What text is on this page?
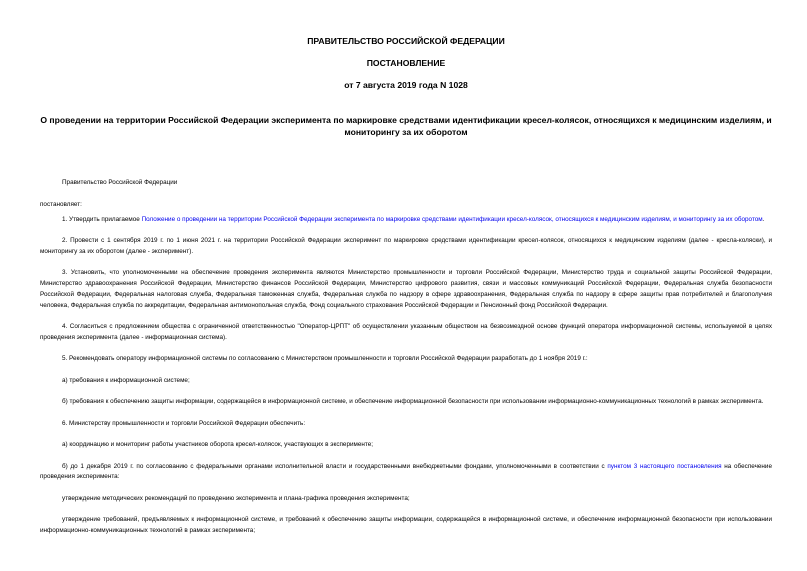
ПРАВИТЕЛЬСТВО РОССИЙСКОЙ ФЕДЕРАЦИИ
ПОСТАНОВЛЕНИЕ
от 7 августа 2019 года N 1028
О проведении на территории Российской Федерации эксперимента по маркировке средствами идентификации кресел-колясок, относящихся к медицинским изделиям, и мониторингу за их оборотом

Правительство Российской Федерации

постановляет:

1. Утвердить прилагаемое Положение о проведении на территории Российской Федерации эксперимента по маркировке средствами идентификации кресел-колясок, относящихся к медицинским изделиям, и мониторингу за их оборотом.

2. Провести с 1 сентября 2019 г. по 1 июня 2021 г. на территории Российской Федерации эксперимент по маркировке средствами идентификации кресел-колясок, относящихся к медицинским изделиям (далее - кресла-коляски), и мониторингу за их оборотом (далее - эксперимент).

3. Установить, что уполномоченными на обеспечение проведения эксперимента являются Министерство промышленности и торговли Российской Федерации, Министерство труда и социальной защиты Российской Федерации, Министерство здравоохранения Российской Федерации, Министерство финансов Российской Федерации, Министерство цифрового развития, связи и массовых коммуникаций Российской Федерации, Федеральная служба безопасности Российской Федерации, Федеральная налоговая служба, Федеральная таможенная служба, Федеральная служба по надзору в сфере здравоохранения, Федеральная служба по надзору в сфере защиты прав потребителей и благополучия человека, Федеральная служба по аккредитации, Федеральная антимонопольная служба, Фонд социального страхования Российской Федерации и Пенсионный фонд Российской Федерации.

4. Согласиться с предложением общества с ограниченной ответственностью "Оператор-ЦРПТ" об осуществлении указанным обществом на безвозмездной основе функций оператора информационной системы, используемой в целях проведения эксперимента (далее - информационная система).

5. Рекомендовать оператору информационной системы по согласованию с Министерством промышленности и торговли Российской Федерации разработать до 1 ноября 2019 г.:

а) требования к информационной системе;

б) требования к обеспечению защиты информации, содержащейся в информационной системе, и обеспечение информационной безопасности при использовании информационно-коммуникационных технологий в рамках эксперимента.

6. Министерству промышленности и торговли Российской Федерации обеспечить:

а) координацию и мониторинг работы участников оборота кресел-колясок, участвующих в эксперименте;

б) до 1 декабря 2019 г. по согласованию с федеральными органами исполнительной власти и государственными внебюджетными фондами, уполномоченными в соответствии с пунктом 3 настоящего постановления на обеспечение проведения эксперимента:

утверждение методических рекомендаций по проведению эксперимента и плана-графика проведения эксперимента;

утверждение требований, предъявляемых к информационной системе, и требований к обеспечению защиты информации, содержащейся в информационной системе, и обеспечение информационной безопасности при использовании информационно-коммуникационных технологий в рамках эксперимента;
